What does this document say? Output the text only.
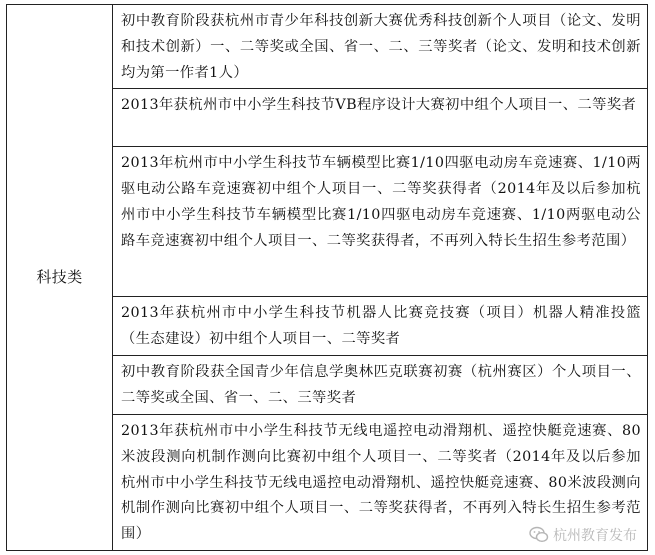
科技类	初中教育阶段获杭州市青少年科技创新大赛优秀科技创新个人项目（论文、发明和技术创新）一、二等奖或全国、省一、二、三等奖者（论文、发明和技术创新均为第一作者1人）
2013年获杭州市中小学生科技节VB程序设计大赛初中组个人项目一、二等奖者
2013年杭州市中小学生科技节车辆模型比赛1/10四驱电动房车竞速赛、1/10两驱电动公路车竞速赛初中组个人项目一、二等奖获得者（2014年及以后参加杭州市中小学生科技节车辆模型比赛1/10四驱电动房车竞速赛、1/10两驱电动公路车竞速赛初中组个人项目一、二等奖获得者，不再列入特长生招生参考范围）
2013年获杭州市中小学生科技节机器人比赛竞技赛（项目）机器人精准投篮（生态建设）初中组个人项目一、二等奖者
初中教育阶段获全国青少年信息学奥林匹克联赛初赛（杭州赛区）个人项目一、二等奖或全国、省一、二、三等奖者
2013年获杭州市中小学生科技节无线电遥控电动滑翔机、遥控快艇竞速赛、80米波段测向机制作测向比赛初中组个人项目一、二等奖者（2014年及以后参加杭州市中小学生科技节无线电遥控电动滑翔机、遥控快艇竞速赛、80米波段测向机制作测向比赛初中组个人项目一、二等奖获得者，不再列入特长生招生参考范围）	杭州教育发布
